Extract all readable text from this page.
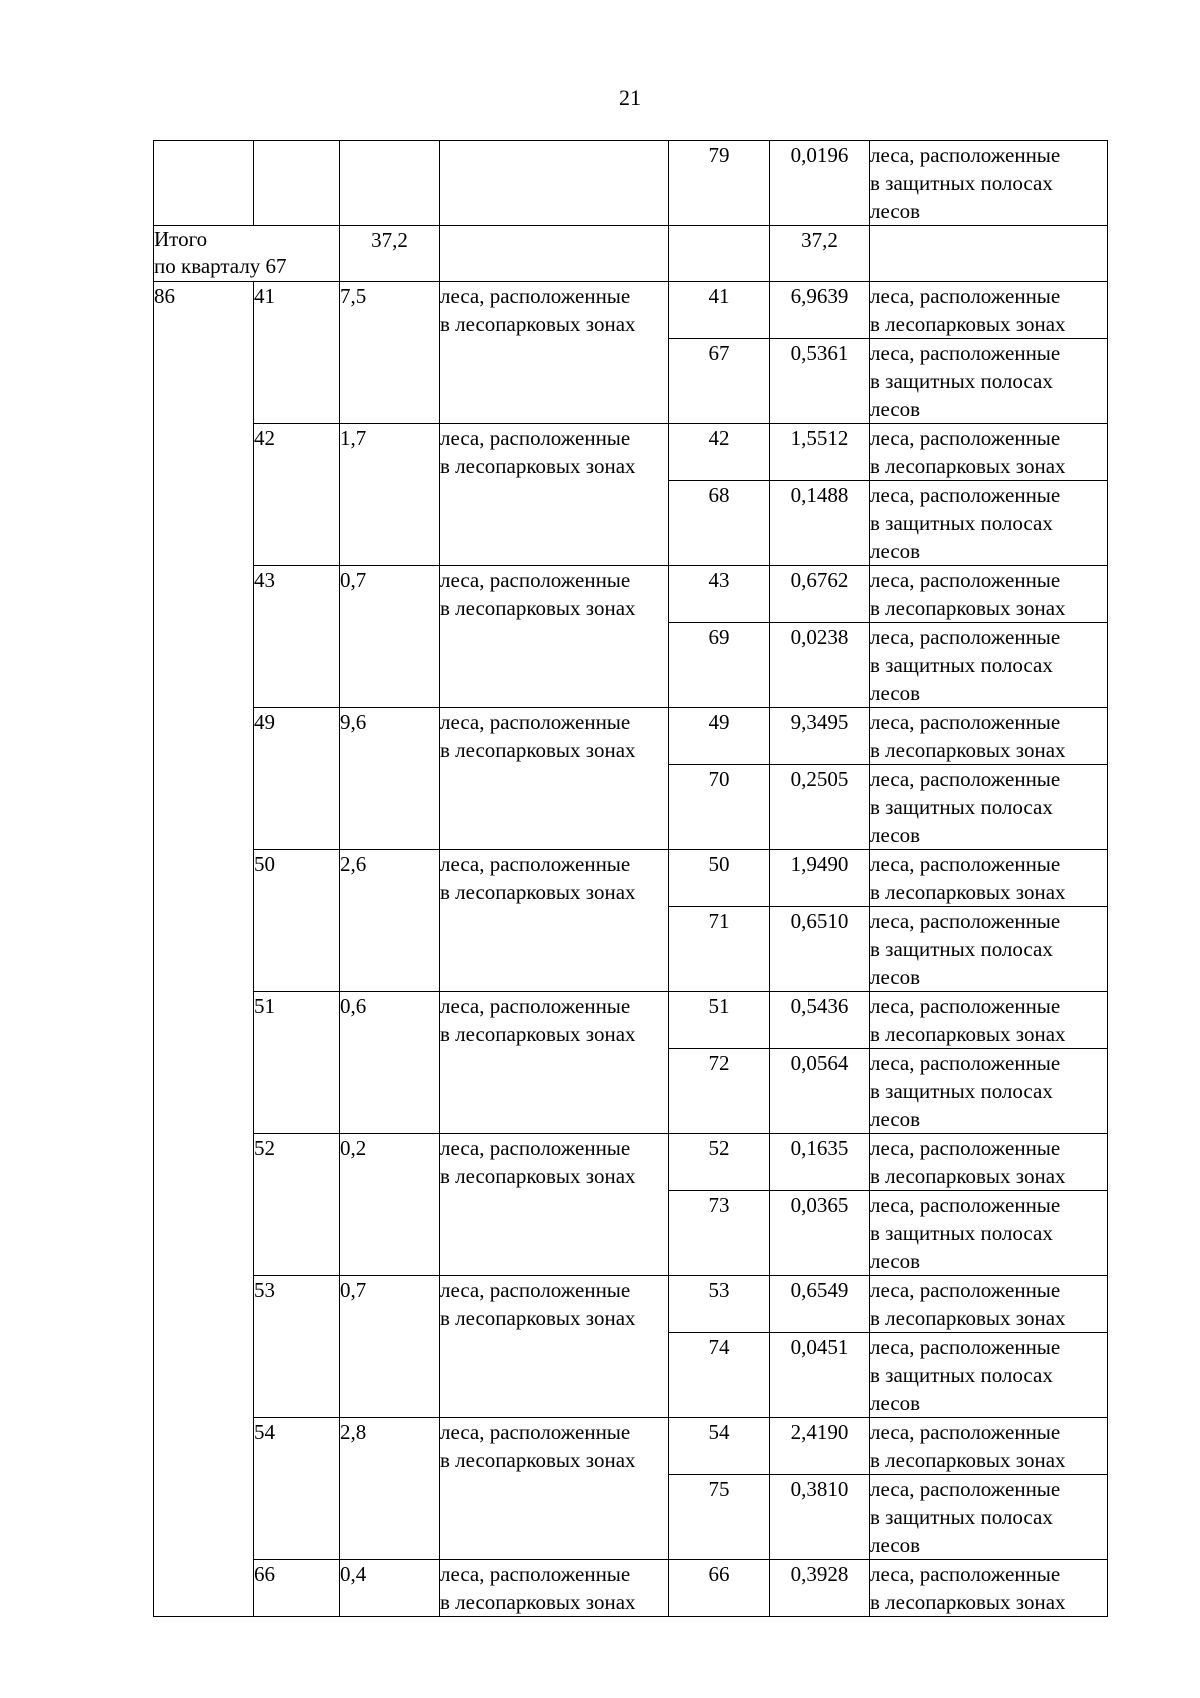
21
				79	0,0196	леса, расположенные
в защитных полосах
лесов

Итого
по кварталу 67		37,2			37,2	
86	41	7,5	леса, расположенные
в лесопарковых зонах	41	6,9639	леса, расположенные
в лесопарковых зонах

				67	0,5361	леса, расположенные
в защитных полосах
лесов

	42	1,7	леса, расположенные
в лесопарковых зонах	42	1,5512	леса, расположенные
в лесопарковых зонах

				68	0,1488	леса, расположенные
в защитных полосах
лесов

	43	0,7	леса, расположенные
в лесопарковых зонах	43	0,6762	леса, расположенные
в лесопарковых зонах

				69	0,0238	леса, расположенные
в защитных полосах
лесов

	49	9,6	леса, расположенные
в лесопарковых зонах	49	9,3495	леса, расположенные
в лесопарковых зонах

				70	0,2505	леса, расположенные
в защитных полосах
лесов

	50	2,6	леса, расположенные
в лесопарковых зонах	50	1,9490	леса, расположенные
в лесопарковых зонах

				71	0,6510	леса, расположенные
в защитных полосах
лесов

	51	0,6	леса, расположенные
в лесопарковых зонах	51	0,5436	леса, расположенные
в лесопарковых зонах

				72	0,0564	леса, расположенные
в защитных полосах
лесов

	52	0,2	леса, расположенные
в лесопарковых зонах	52	0,1635	леса, расположенные
в лесопарковых зонах

				73	0,0365	леса, расположенные
в защитных полосах
лесов

	53	0,7	леса, расположенные
в лесопарковых зонах	53	0,6549	леса, расположенные
в лесопарковых зонах

				74	0,0451	леса, расположенные
в защитных полосах
лесов

	54	2,8	леса, расположенные
в лесопарковых зонах	54	2,4190	леса, расположенные
в лесопарковых зонах

				75	0,3810	леса, расположенные
в защитных полосах
лесов

	66	0,4	леса, расположенные
в лесопарковых зонах	66	0,3928	леса, расположенные
в лесопарковых зонах
